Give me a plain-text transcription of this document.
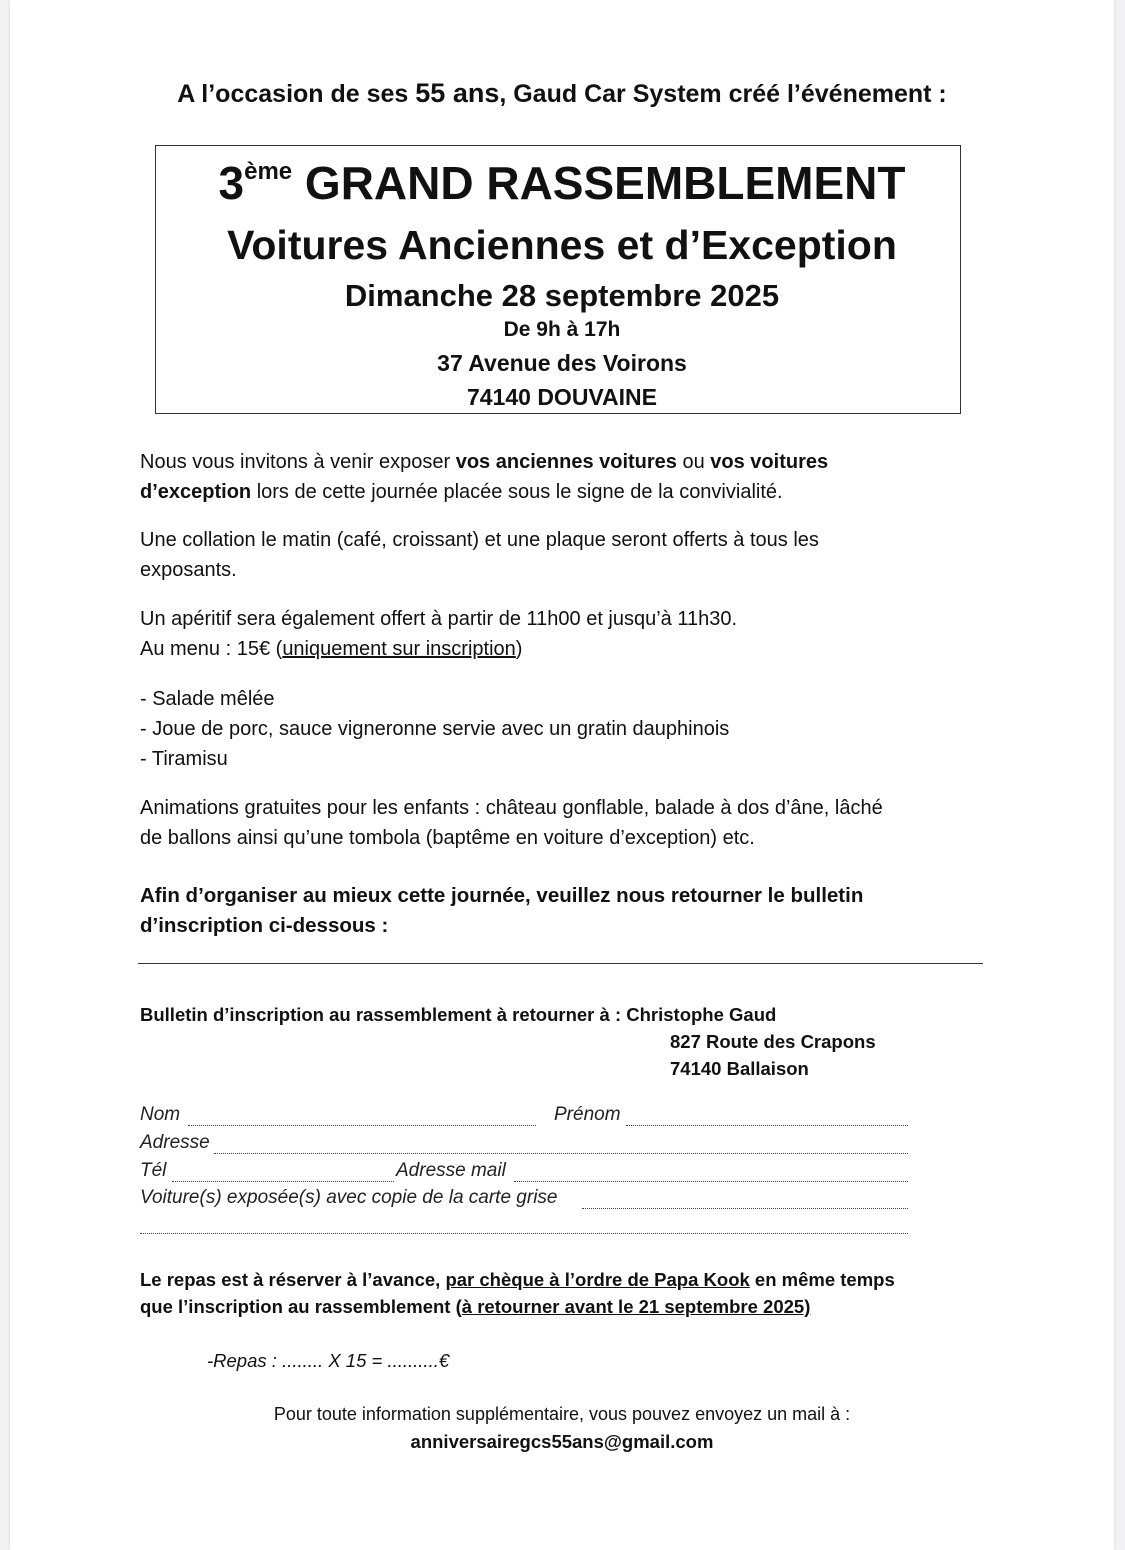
A l’occasion de ses 55 ans, Gaud Car System créé l’événement :
3ème GRAND RASSEMBLEMENT
Voitures Anciennes et d’Exception
Dimanche 28 septembre 2025
De 9h à 17h
37 Avenue des Voirons
74140 DOUVAINE
Nous vous invitons à venir exposer vos anciennes voitures ou vos voitures
d’exception lors de cette journée placée sous le signe de la convivialité.
Une collation le matin (café, croissant) et une plaque seront offerts à tous les
exposants.
Un apéritif sera également offert à partir de 11h00 et jusqu’à 11h30.
Au menu : 15€ (uniquement sur inscription)
- Salade mêlée
- Joue de porc, sauce vigneronne servie avec un gratin dauphinois
- Tiramisu
Animations gratuites pour les enfants : château gonflable, balade à dos d’âne, lâché
de ballons ainsi qu’une tombola (baptême en voiture d’exception) etc.
Afin d’organiser au mieux cette journée, veuillez nous retourner le bulletin
d’inscription ci-dessous :
Bulletin d’inscription au rassemblement à retourner à : Christophe Gaud
827 Route des Crapons
74140 Ballaison
Nom	Prénom
Adresse
Tél	Adresse mail
Voiture(s) exposée(s) avec copie de la carte grise
Le repas est à réserver à l’avance, par chèque à l’ordre de Papa Kook en même temps
que l’inscription au rassemblement (à retourner avant le 21 septembre 2025)
-Repas : ........ X 15 = ..........€
Pour toute information supplémentaire, vous pouvez envoyez un mail à :
anniversairegcs55ans@gmail.com
